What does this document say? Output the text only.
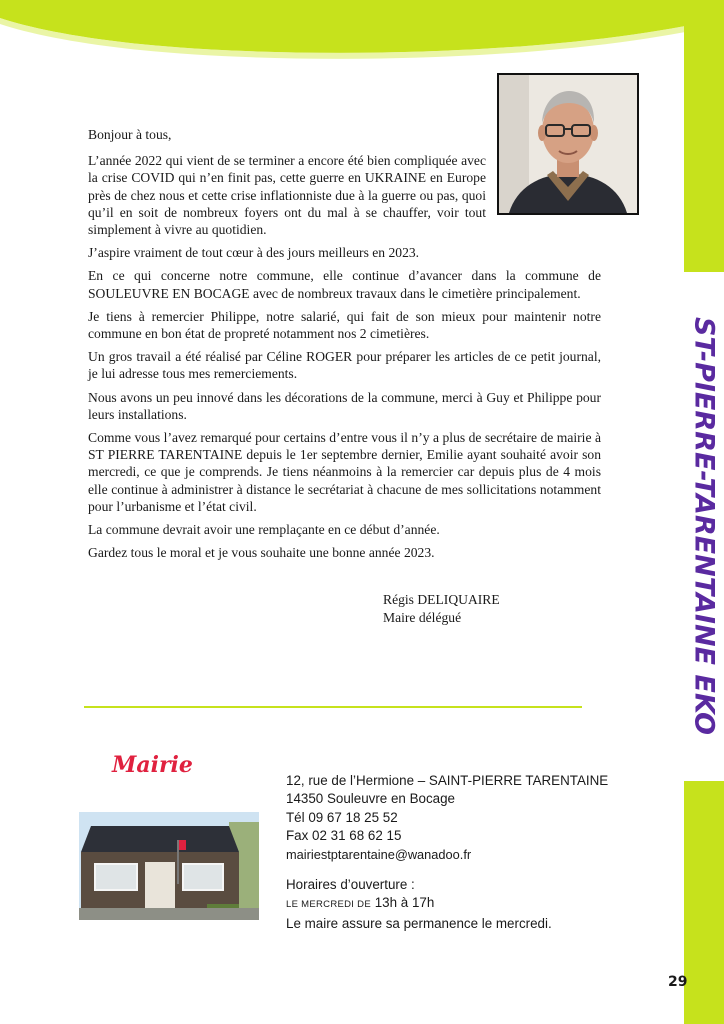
ST-PIERRE-TARENTAINE EKO

Bonjour à tous,

L’année 2022 qui vient de se terminer a encore été bien compliquée avec la crise COVID qui n’en finit pas, cette guerre en UKRAINE en Europe près de chez nous et cette crise inflationniste due à la guerre ou pas, quoi qu’il en soit de nombreux foyers ont du mal à se chauffer, voir tout simplement à vivre au quotidien.

J’aspire vraiment de tout cœur à des jours meilleurs en 2023.

En ce qui concerne notre commune, elle continue d’avancer dans la commune de SOULEUVRE EN BOCAGE avec de nombreux travaux dans le cimetière principalement.

Je tiens à remercier Philippe, notre salarié, qui fait de son mieux pour maintenir notre commune en bon état de propreté notamment nos 2 cimetières.

Un gros travail a été réalisé par Céline ROGER pour préparer les articles de ce petit journal, je lui adresse tous mes remerciements.

Nous avons un peu innové dans les décorations de la commune, merci à Guy et Philippe pour leurs installations.

Comme vous l’avez remarqué pour certains d’entre vous il n’y a plus de secrétaire de mairie à ST PIERRE TARENTAINE depuis le 1er septembre dernier, Emilie ayant souhaité avoir son mercredi, ce que je comprends. Je tiens néanmoins à la remercier car depuis plus de 4 mois elle continue à administrer à distance le secrétariat à chacune de mes sollicitations notamment pour l’urbanisme et l’état civil.

La commune devrait avoir une remplaçante en ce début d’année.

Gardez tous le moral et je vous souhaite une bonne année 2023.

Régis DELIQUAIRE
Maire délégué
Mairie
12, rue de l’Hermione – SAINT-PIERRE TARENTAINE
14350 Souleuvre en Bocage
Tél 09 67 18 25 52
Fax 02 31 68 62 15
mairiestptarentaine@wanadoo.fr
Horaires d’ouverture :
LE MERCREDI DE 13h à 17h
Le maire assure sa permanence le mercredi.
29
